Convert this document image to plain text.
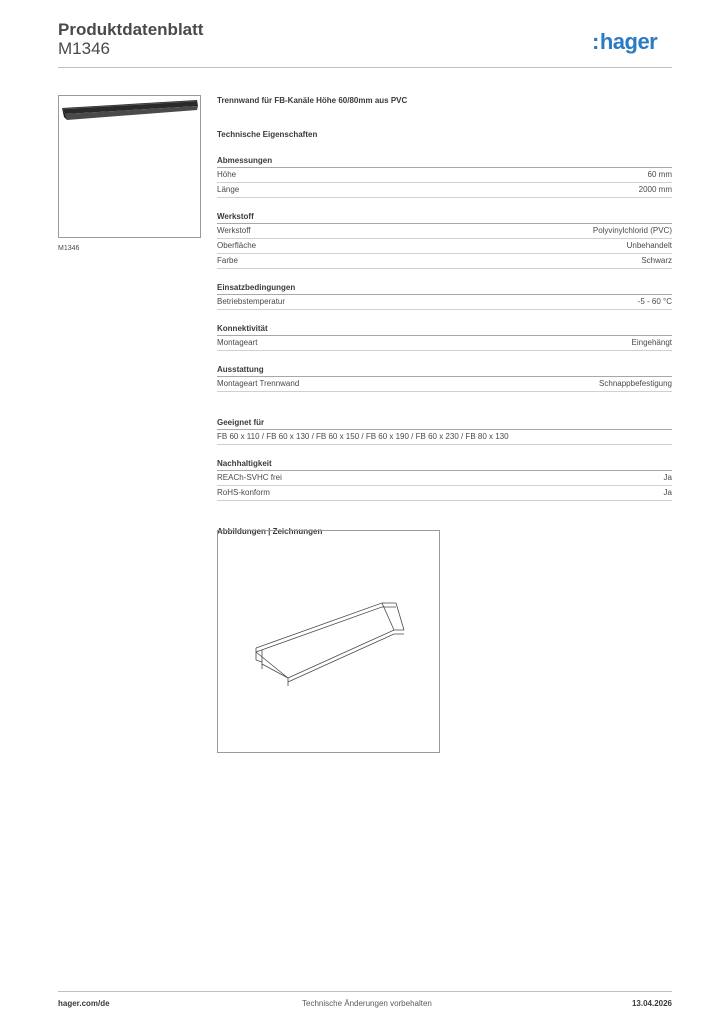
Produktdatenblatt
M1346	:hager
M1346
Trennwand für FB-Kanäle Höhe 60/80mm aus PVC
Technische Eigenschaften
Abmessungen
Höhe	60 mm
Länge	2000 mm
Werkstoff
Werkstoff	Polyvinylchlorid (PVC)
Oberfläche	Unbehandelt
Farbe	Schwarz
Einsatzbedingungen
Betriebstemperatur	-5 - 60 °C
Konnektivität
Montageart	Eingehängt
Ausstattung
Montageart Trennwand	Schnappbefestigung
Geeignet für
FB 60 x 110 / FB 60 x 130 / FB 60 x 150 / FB 60 x 190 / FB 60 x 230 / FB 80 x 130
Nachhaltigkeit
REACh-SVHC frei	Ja
RoHS-konform	Ja
Abbildungen | Zeichnungen
hager.com/de	Technische Änderungen vorbehalten	13.04.2026
